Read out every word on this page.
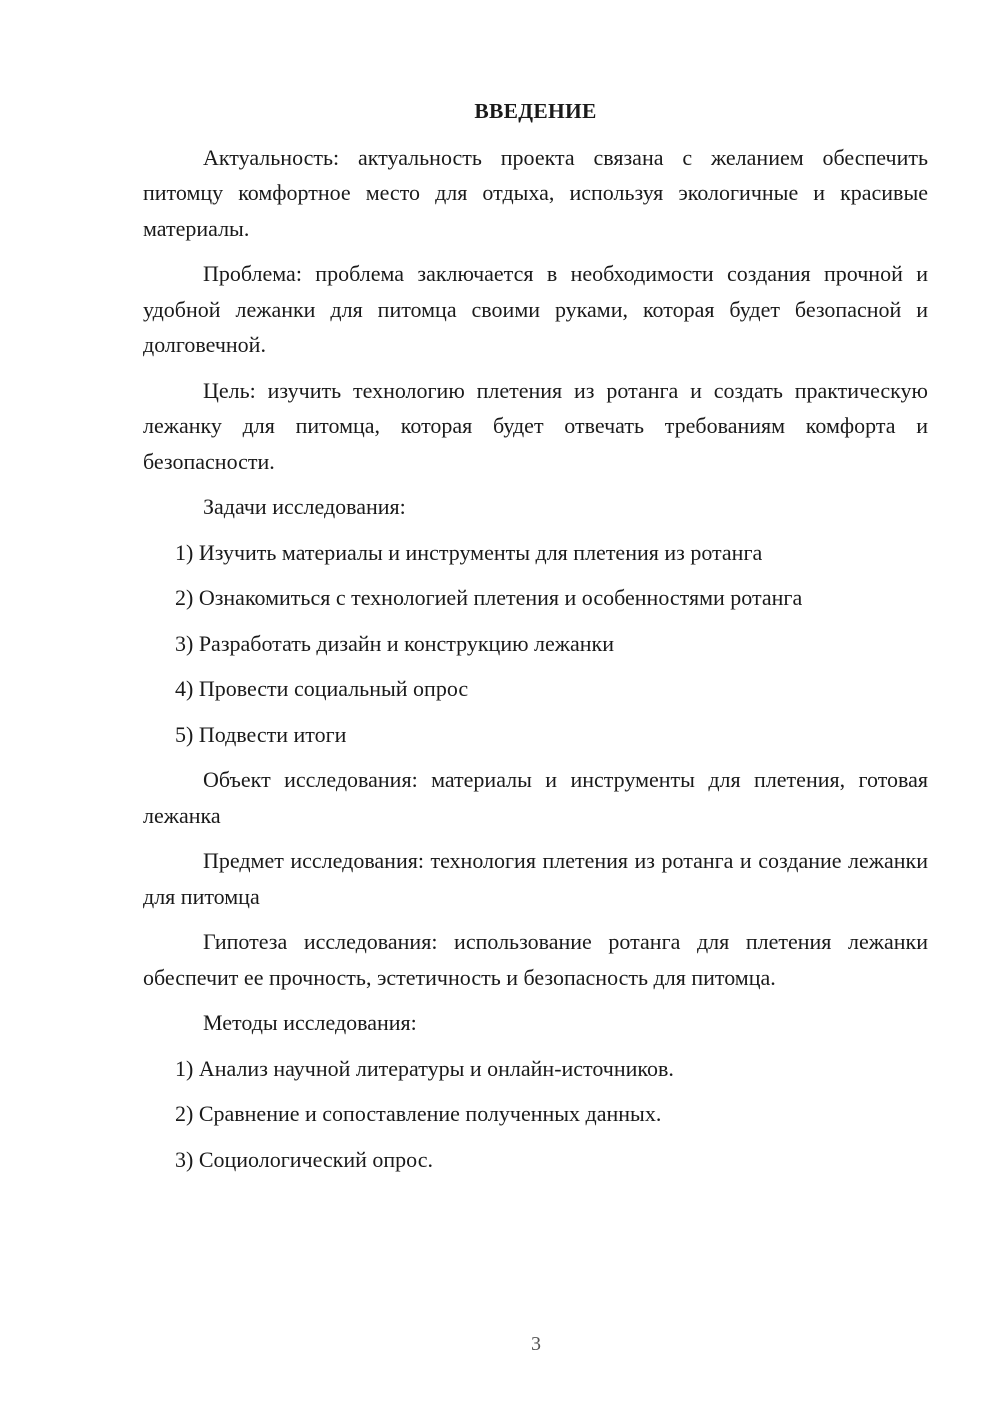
ВВЕДЕНИЕ

Актуальность: актуальность проекта связана с желанием обеспечить питомцу комфортное место для отдыха, используя экологичные и красивые материалы.

Проблема: проблема заключается в необходимости создания прочной и удобной лежанки для питомца своими руками, которая будет безопасной и долговечной.

Цель: изучить технологию плетения из ротанга и создать практическую лежанку для питомца, которая будет отвечать требованиям комфорта и безопасности.

Задачи исследования:

1) Изучить материалы и инструменты для плетения из ротанга
2) Ознакомиться с технологией плетения и особенностями ротанга
3) Разработать дизайн и конструкцию лежанки
4) Провести социальный опрос
5) Подвести итоги

Объект исследования: материалы и инструменты для плетения, готовая лежанка

Предмет исследования: технология плетения из ротанга и создание лежанки для питомца

Гипотеза исследования: использование ротанга для плетения лежанки обеспечит ее прочность, эстетичность и безопасность для питомца.

Методы исследования:

1) Анализ научной литературы и онлайн-источников.
2) Сравнение и сопоставление полученных данных.
3) Социологический опрос.
3
